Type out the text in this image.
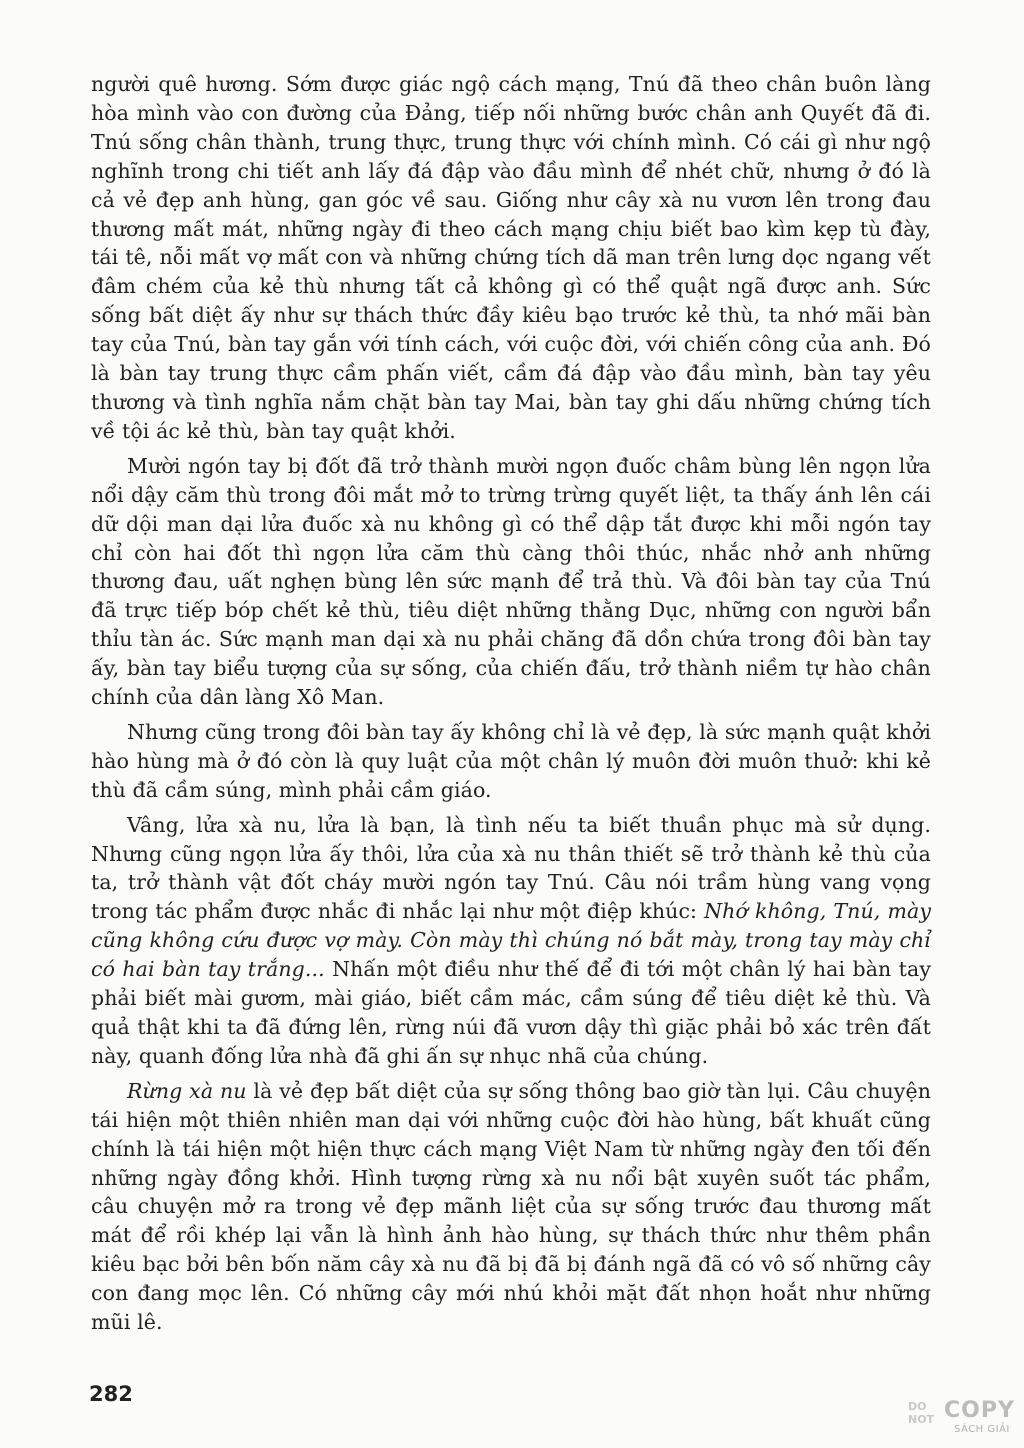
người quê hương. Sớm được giác ngộ cách mạng, Tnú đã theo chân buôn làng hòa mình vào con đường của Đảng, tiếp nối những bước chân anh Quyết đã đi. Tnú sống chân thành, trung thực, trung thực với chính mình. Có cái gì như ngộ nghĩnh trong chi tiết anh lấy đá đập vào đầu mình để nhét chữ, nhưng ở đó là cả vẻ đẹp anh hùng, gan góc về sau. Giống như cây xà nu vươn lên trong đau thương mất mát, những ngày đi theo cách mạng chịu biết bao kìm kẹp tù đày, tái tê, nỗi mất vợ mất con và những chứng tích dã man trên lưng dọc ngang vết đâm chém của kẻ thù nhưng tất cả không gì có thể quật ngã được anh. Sức sống bất diệt ấy như sự thách thức đầy kiêu bạo trước kẻ thù, ta nhớ mãi bàn tay của Tnú, bàn tay gắn với tính cách, với cuộc đời, với chiến công của anh. Đó là bàn tay trung thực cầm phấn viết, cầm đá đập vào đầu mình, bàn tay yêu thương và tình nghĩa nắm chặt bàn tay Mai, bàn tay ghi dấu những chứng tích về tội ác kẻ thù, bàn tay quật khởi.

Mười ngón tay bị đốt đã trở thành mười ngọn đuốc châm bùng lên ngọn lửa nổi dậy căm thù trong đôi mắt mở to trừng trừng quyết liệt, ta thấy ánh lên cái dữ dội man dại lửa đuốc xà nu không gì có thể dập tắt được khi mỗi ngón tay chỉ còn hai đốt thì ngọn lửa căm thù càng thôi thúc, nhắc nhở anh những thương đau, uất nghẹn bùng lên sức mạnh để trả thù. Và đôi bàn tay của Tnú đã trực tiếp bóp chết kẻ thù, tiêu diệt những thằng Dục, những con người bẩn thỉu tàn ác. Sức mạnh man dại xà nu phải chăng đã dồn chứa trong đôi bàn tay ấy, bàn tay biểu tượng của sự sống, của chiến đấu, trở thành niềm tự hào chân chính của dân làng Xô Man.

Nhưng cũng trong đôi bàn tay ấy không chỉ là vẻ đẹp, là sức mạnh quật khởi hào hùng mà ở đó còn là quy luật của một chân lý muôn đời muôn thuở: khi kẻ thù đã cầm súng, mình phải cầm giáo.

Vâng, lửa xà nu, lửa là bạn, là tình nếu ta biết thuần phục mà sử dụng. Nhưng cũng ngọn lửa ấy thôi, lửa của xà nu thân thiết sẽ trở thành kẻ thù của ta, trở thành vật đốt cháy mười ngón tay Tnú. Câu nói trầm hùng vang vọng trong tác phẩm được nhắc đi nhắc lại như một điệp khúc: Nhớ không, Tnú, mày cũng không cứu được vợ mày. Còn mày thì chúng nó bắt mày, trong tay mày chỉ có hai bàn tay trắng... Nhấn một điều như thế để đi tới một chân lý hai bàn tay phải biết mài gươm, mài giáo, biết cầm mác, cầm súng để tiêu diệt kẻ thù. Và quả thật khi ta đã đứng lên, rừng núi đã vươn dậy thì giặc phải bỏ xác trên đất này, quanh đống lửa nhà đã ghi ấn sự nhục nhã của chúng.

Rừng xà nu là vẻ đẹp bất diệt của sự sống thông bao giờ tàn lụi. Câu chuyện tái hiện một thiên nhiên man dại với những cuộc đời hào hùng, bất khuất cũng chính là tái hiện một hiện thực cách mạng Việt Nam từ những ngày đen tối đến những ngày đồng khởi. Hình tượng rừng xà nu nổi bật xuyên suốt tác phẩm, câu chuyện mở ra trong vẻ đẹp mãnh liệt của sự sống trước đau thương mất mát để rồi khép lại vẫn là hình ảnh hào hùng, sự thách thức như thêm phần kiêu bạc bởi bên bốn năm cây xà nu đã bị đã bị đánh ngã đã có vô số những cây con đang mọc lên. Có những cây mới nhú khỏi mặt đất nhọn hoắt như những mũi lê.

282
DO
NOT COPY
SÁCH GIẢI
